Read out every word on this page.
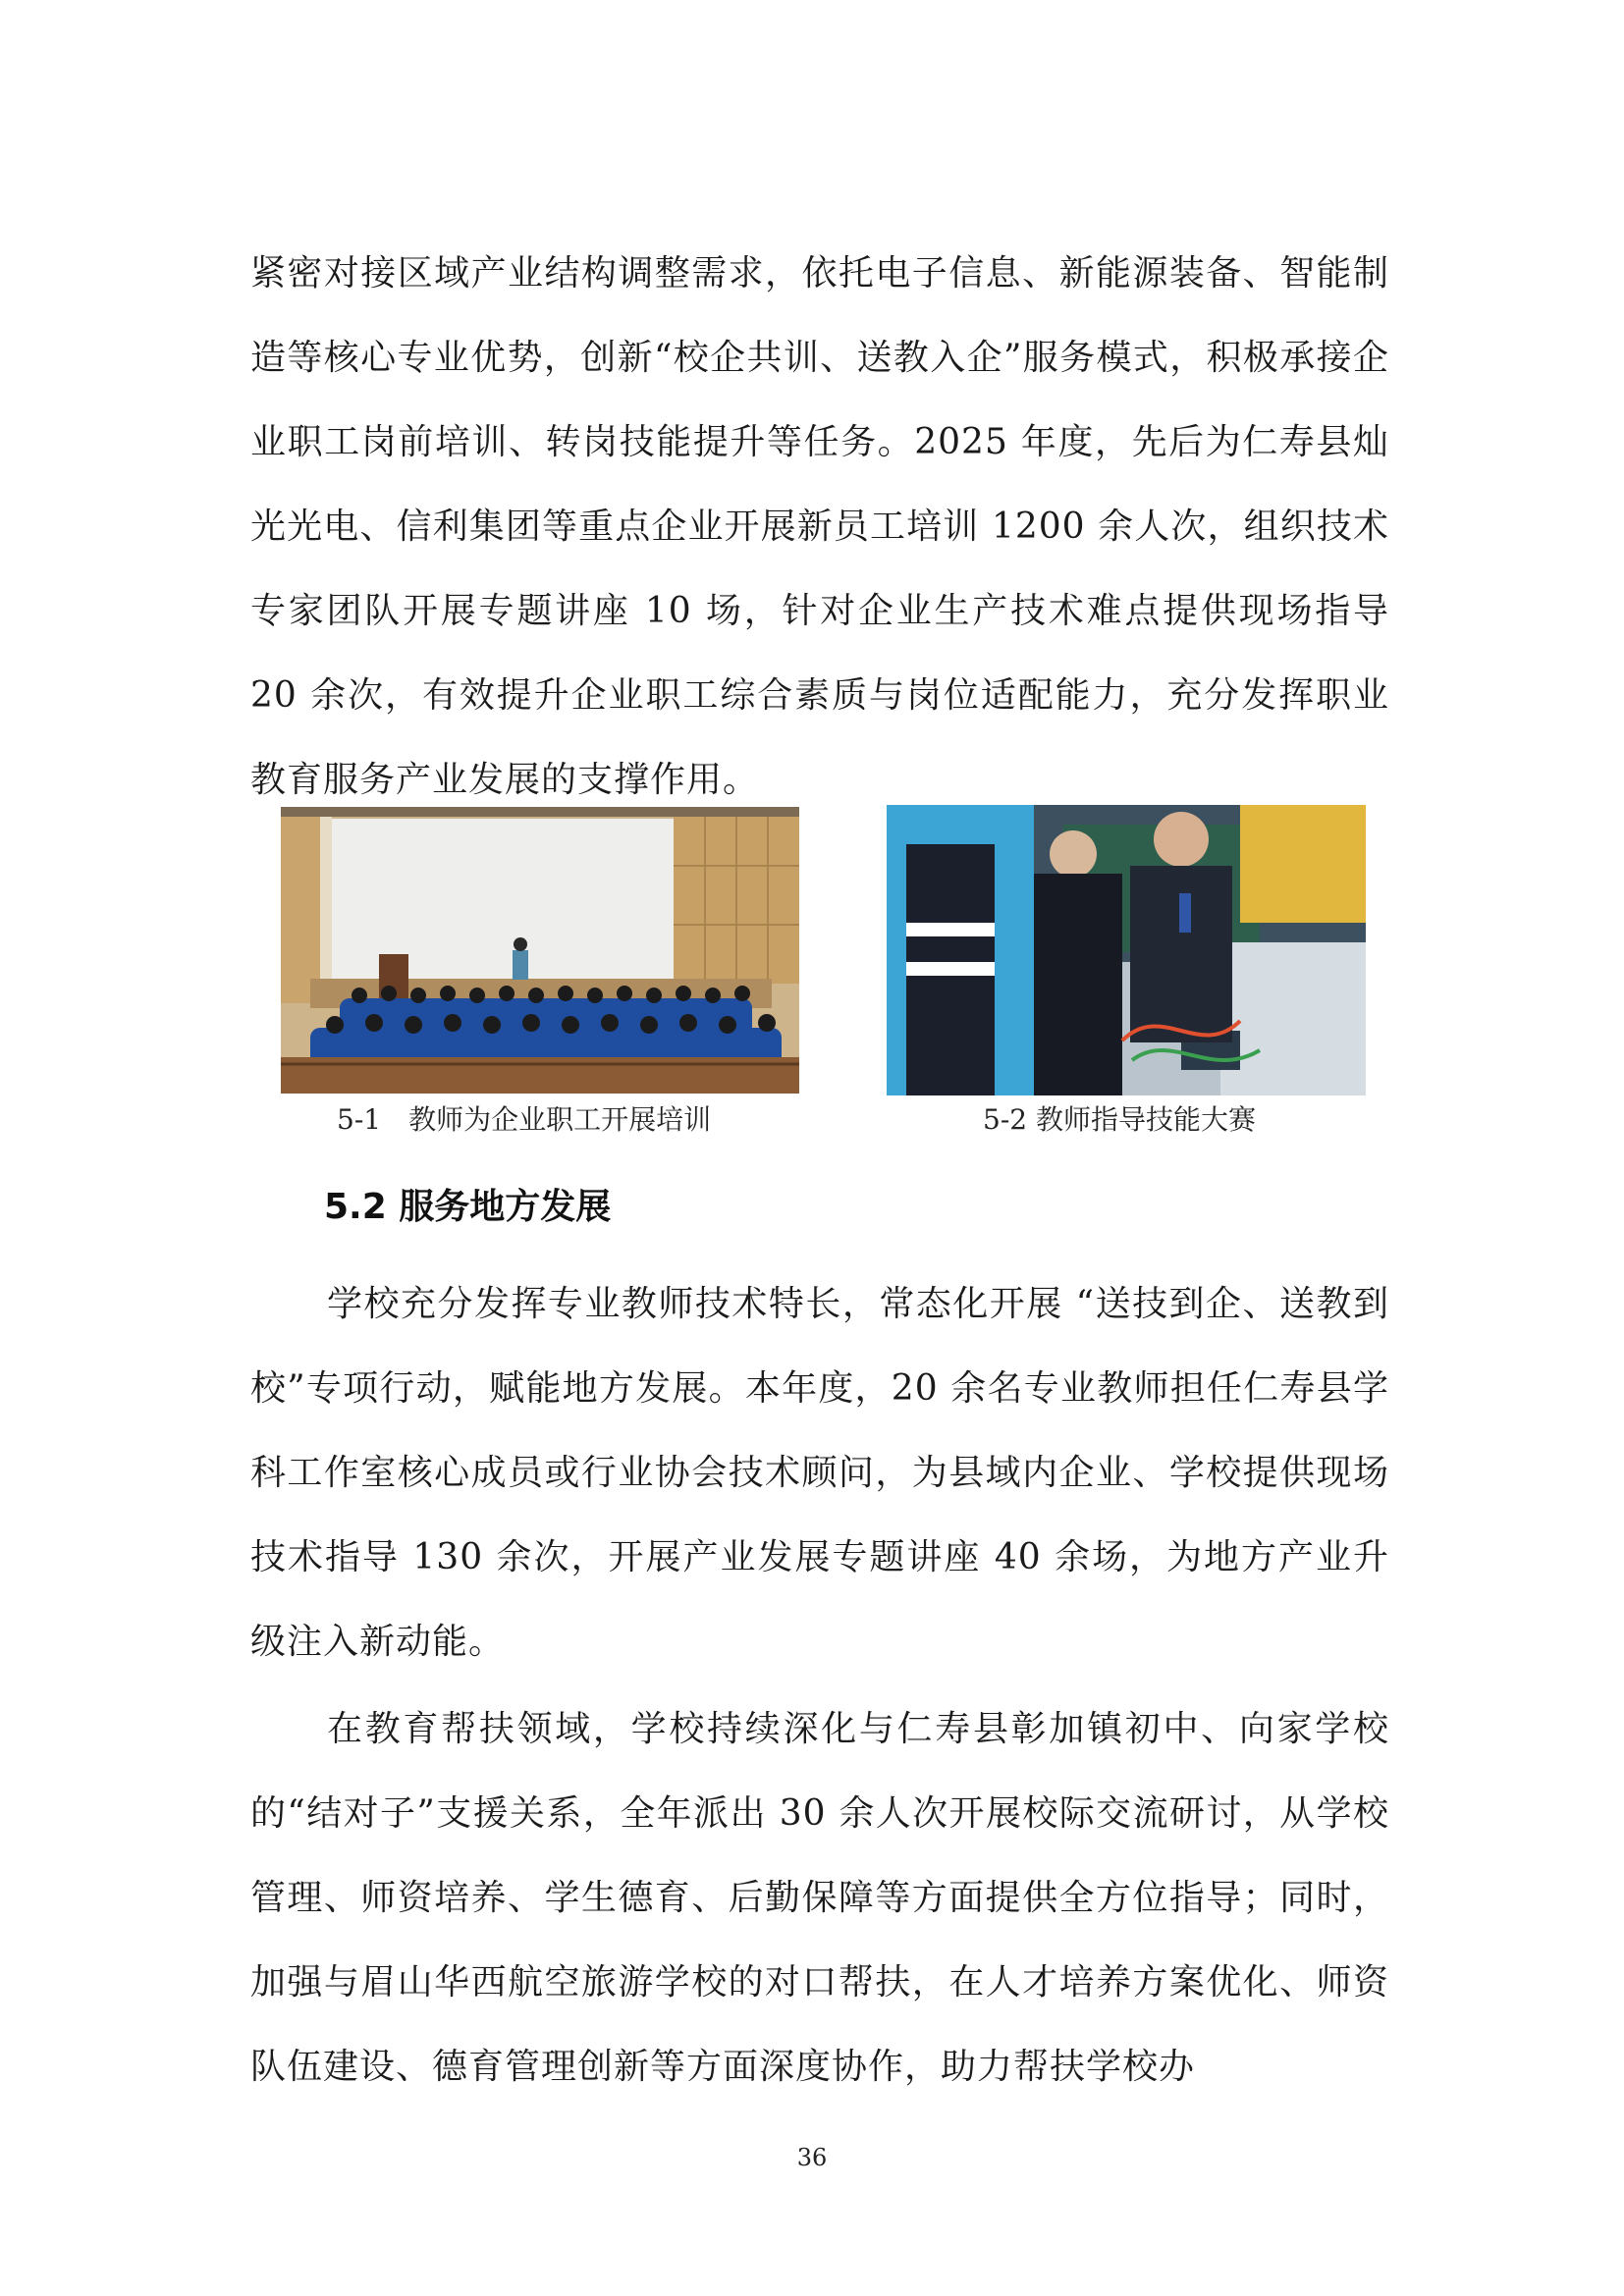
紧密对接区域产业结构调整需求，依托电子信息、新能源装备、智能制造等核心专业优势，创新“校企共训、送教入企”服务模式，积极承接企业职工岗前培训、转岗技能提升等任务。2025 年度，先后为仁寿县灿光光电、信利集团等重点企业开展新员工培训 1200 余人次，组织技术专家团队开展专题讲座 10 场，针对企业生产技术难点提供现场指导 20 余次，有效提升企业职工综合素质与岗位适配能力，充分发挥职业教育服务产业发展的支撑作用。

5-1　教师为企业职工开展培训	5-2 教师指导技能大赛
5.2 服务地方发展

学校充分发挥专业教师技术特长，常态化开展 “送技到企、送教到校”专项行动，赋能地方发展。本年度，20 余名专业教师担任仁寿县学科工作室核心成员或行业协会技术顾问，为县域内企业、学校提供现场技术指导 130 余次，开展产业发展专题讲座 40 余场，为地方产业升级注入新动能。

在教育帮扶领域，学校持续深化与仁寿县彰加镇初中、向家学校的“结对子”支援关系，全年派出 30 余人次开展校际交流研讨，从学校管理、师资培养、学生德育、后勤保障等方面提供全方位指导；同时，加强与眉山华西航空旅游学校的对口帮扶，在人才培养方案优化、师资队伍建设、德育管理创新等方面深度协作，助力帮扶学校办

36
